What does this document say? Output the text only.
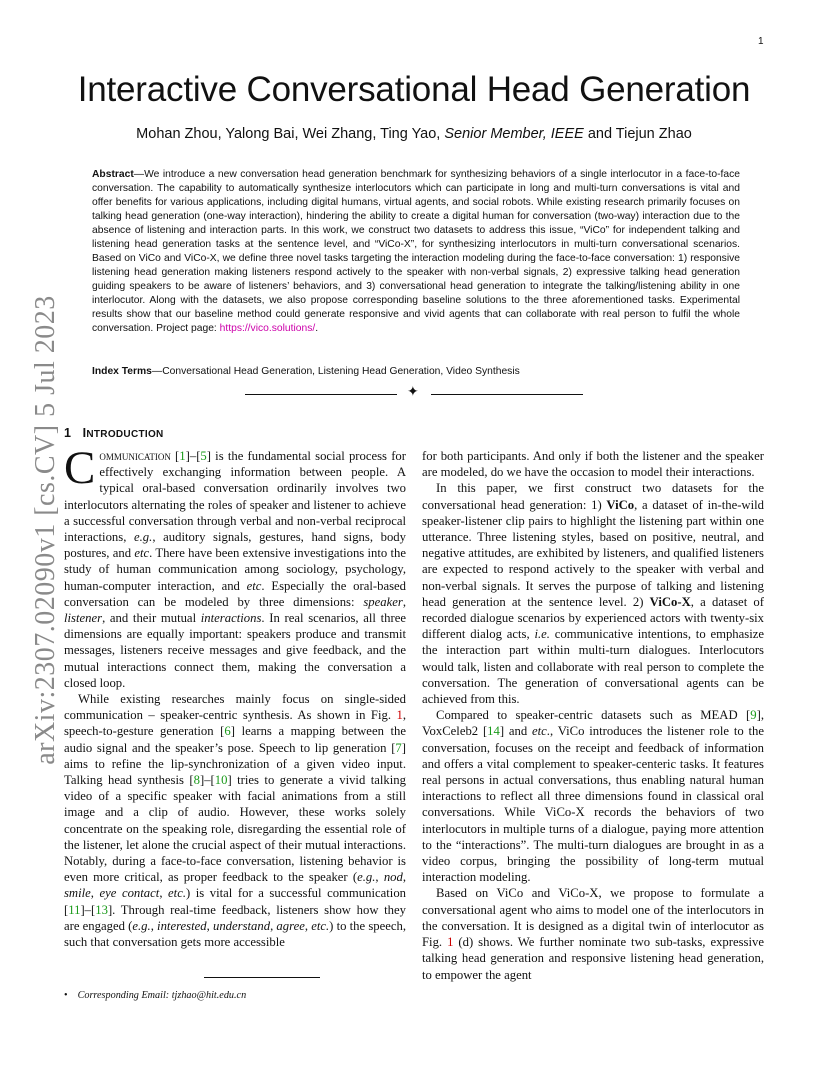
1
arXiv:2307.02090v1 [cs.CV] 5 Jul 2023
Interactive Conversational Head Generation
Mohan Zhou, Yalong Bai, Wei Zhang, Ting Yao, Senior Member, IEEE and Tiejun Zhao
Abstract—We introduce a new conversation head generation benchmark for synthesizing behaviors of a single interlocutor in a face-to-face conversation. The capability to automatically synthesize interlocutors which can participate in long and multi-turn conversations is vital and offer benefits for various applications, including digital humans, virtual agents, and social robots. While existing research primarily focuses on talking head generation (one-way interaction), hindering the ability to create a digital human for conversation (two-way) interaction due to the absence of listening and interaction parts. In this work, we construct two datasets to address this issue, “ViCo” for independent talking and listening head generation tasks at the sentence level, and “ViCo-X”, for synthesizing interlocutors in multi-turn conversational scenarios. Based on ViCo and ViCo-X, we define three novel tasks targeting the interaction modeling during the face-to-face conversation: 1) responsive listening head generation making listeners respond actively to the speaker with non-verbal signals, 2) expressive talking head generation guiding speakers to be aware of listeners’ behaviors, and 3) conversational head generation to integrate the talking/listening ability in one interlocutor. Along with the datasets, we also propose corresponding baseline solutions to the three aforementioned tasks. Experimental results show that our baseline method could generate responsive and vivid agents that can collaborate with real person to fulfil the whole conversation. Project page: https://vico.solutions/.
Index Terms—Conversational Head Generation, Listening Head Generation, Video Synthesis
✦
1 INTRODUCTION

Communication [1]–[5] is the fundamental social process for effectively exchanging information between people. A typical oral-based conversation ordinarily involves two interlocutors alternating the roles of speaker and listener to achieve a successful conversation through verbal and non-verbal reciprocal interactions, e.g., auditory signals, gestures, hand signs, body postures, and etc. There have been extensive investigations into the study of human communication among sociology, psychology, human-computer interaction, and etc. Especially the oral-based conversation can be modeled by three dimensions: speaker, listener, and their mutual interactions. In real scenarios, all three dimensions are equally important: speakers produce and transmit messages, listeners receive messages and give feedback, and the mutual interactions connect them, making the conversation a closed loop.

While existing researches mainly focus on single-sided communication – speaker-centric synthesis. As shown in Fig. 1, speech-to-gesture generation [6] learns a mapping between the audio signal and the speaker’s pose. Speech to lip generation [7] aims to refine the lip-synchronization of a given video input. Talking head synthesis [8]–[10] tries to generate a vivid talking video of a specific speaker with facial animations from a still image and a clip of audio. However, these works solely concentrate on the speaking role, disregarding the essential role of the listener, let alone the crucial aspect of their mutual interactions. Notably, during a face-to-face conversation, listening behavior is even more critical, as proper feedback to the speaker (e.g., nod, smile, eye contact, etc.) is vital for a successful communication [11]–[13]. Through real-time feedback, listeners show how they are engaged (e.g., interested, understand, agree, etc.) to the speech, such that conversation gets more accessible

for both participants. And only if both the listener and the speaker are modeled, do we have the occasion to model their interactions.

In this paper, we first construct two datasets for the conversational head generation: 1) ViCo, a dataset of in-the-wild speaker-listener clip pairs to highlight the listening part within one utterance. Three listening styles, based on positive, neutral, and negative attitudes, are exhibited by listeners, and qualified listeners are expected to respond actively to the speaker with verbal and non-verbal signals. It serves the purpose of talking and listening head generation at the sentence level. 2) ViCo-X, a dataset of recorded dialogue scenarios by experienced actors with twenty-six different dialog acts, i.e. communicative intentions, to emphasize the interaction part within multi-turn dialogues. Interlocutors would talk, listen and collaborate with real person to complete the conversation. The generation of conversational agents can be achieved from this.

Compared to speaker-centric datasets such as MEAD [9], VoxCeleb2 [14] and etc., ViCo introduces the listener role to the conversation, focuses on the receipt and feedback of information and offers a vital complement to speaker-centeric tasks. It features real persons in actual conversations, thus enabling natural human interactions to reflect all three dimensions found in classical oral conversations. While ViCo-X records the behaviors of two interlocutors in multiple turns of a dialogue, paying more attention to the “interactions”. The multi-turn dialogues are brought in as a video corpus, bringing the possibility of long-term mutual interaction modeling.

Based on ViCo and ViCo-X, we propose to formulate a conversational agent who aims to model one of the interlocutors in the conversation. It is designed as a digital twin of interlocutor as Fig. 1 (d) shows. We further nominate two sub-tasks, expressive talking head generation and responsive listening head generation, to empower the agent

• Corresponding Email: tjzhao@hit.edu.cn
